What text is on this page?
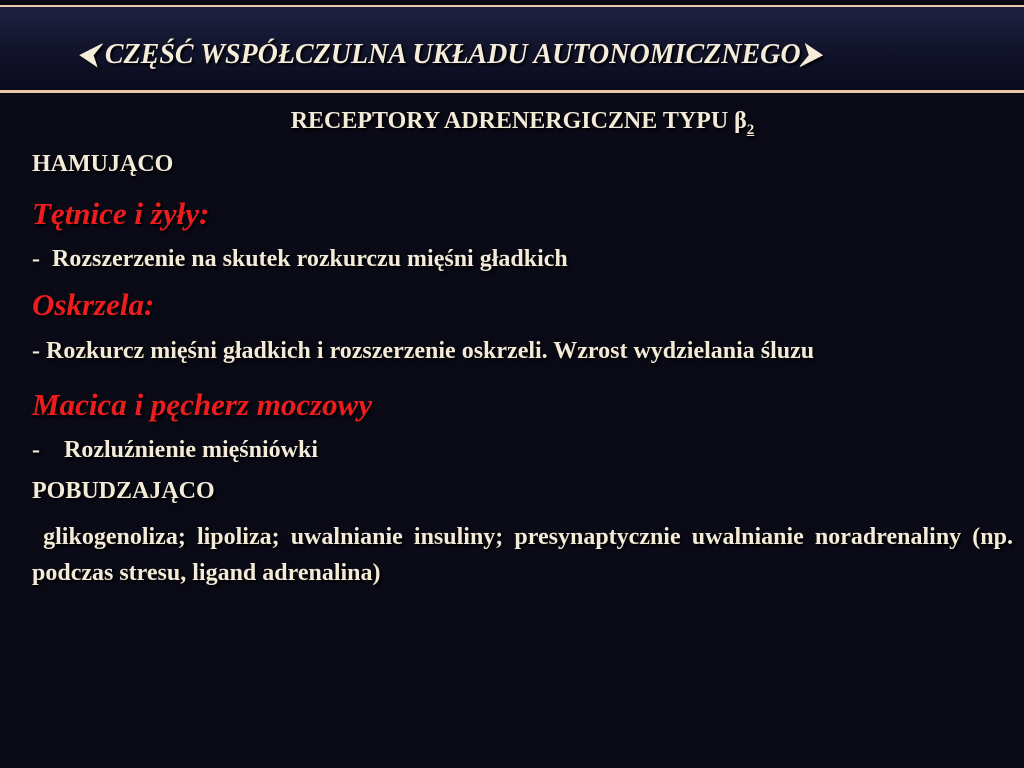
⮜ CZĘŚĆ WSPÓŁCZULNA UKŁADU AUTONOMICZNEGO⮞

RECEPTORY ADRENERGICZNE TYPU $\beta_2$

HAMUJĄCO

Tętnice i żyły:

-  Rozszerzenie na skutek rozkurczu mięśni gładkich

Oskrzela:

- Rozkurcz mięśni gładkich i rozszerzenie oskrzeli. Wzrost wydzielania śluzu

Macica i pęcherz moczowy

-    Rozluźnienie mięśniówki

POBUDZAJĄCO

glikogenoliza; lipoliza; uwalnianie insuliny; presynaptycznie uwalnianie noradrenaliny (np. podczas stresu, ligand adrenalina)
